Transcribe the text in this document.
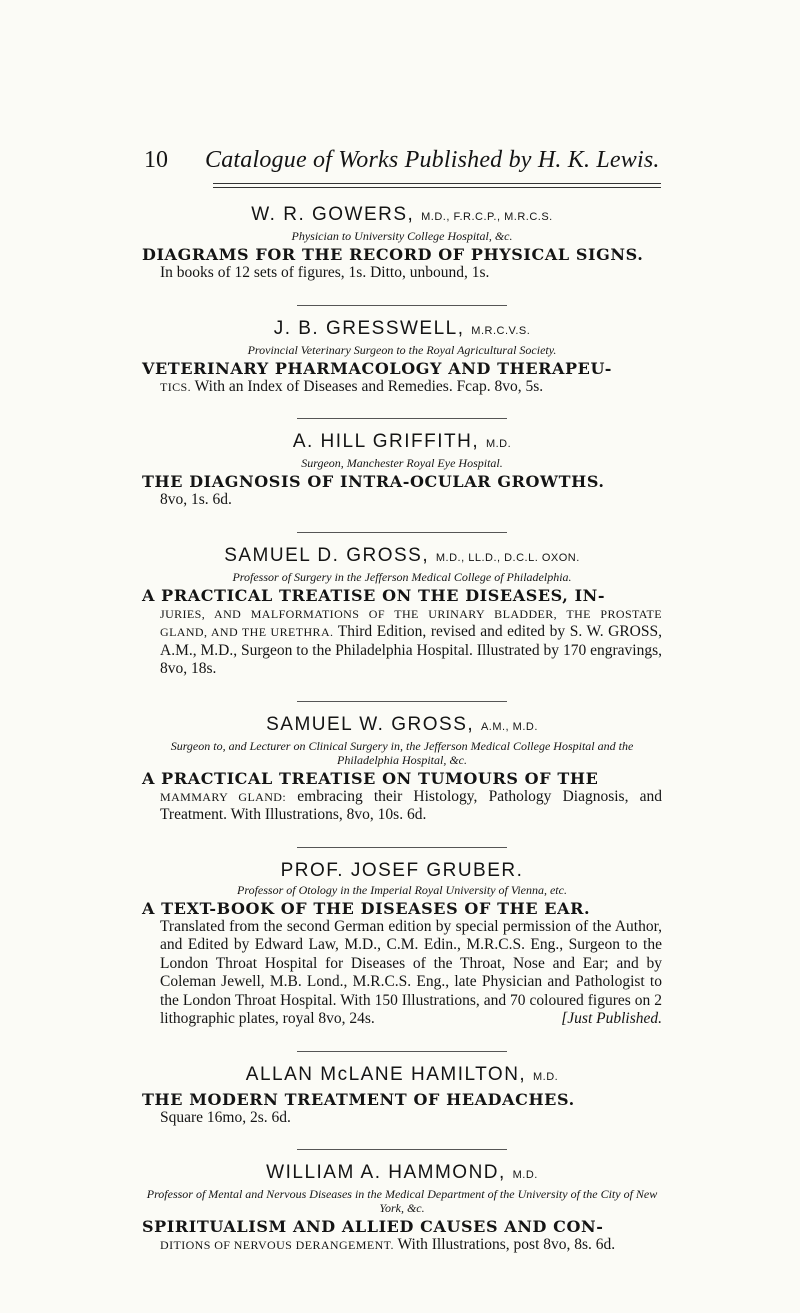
10 Catalogue of Works Published by H. K. Lewis.
W. R. GOWERS, M.D., F.R.C.P., M.R.C.S.
Physician to University College Hospital, &c.
DIAGRAMS FOR THE RECORD OF PHYSICAL SIGNS.
In books of 12 sets of figures, 1s. Ditto, unbound, 1s.
J. B. GRESSWELL, M.R.C.V.S.
Provincial Veterinary Surgeon to the Royal Agricultural Society.
VETERINARY PHARMACOLOGY AND THERAPEU-
TICS. With an Index of Diseases and Remedies. Fcap. 8vo, 5s.
A. HILL GRIFFITH, M.D.
Surgeon, Manchester Royal Eye Hospital.
THE DIAGNOSIS OF INTRA-OCULAR GROWTHS.
8vo, 1s. 6d.
SAMUEL D. GROSS, M.D., LL.D., D.C.L. OXON.
Professor of Surgery in the Jefferson Medical College of Philadelphia.
A PRACTICAL TREATISE ON THE DISEASES, IN-
JURIES, AND MALFORMATIONS OF THE URINARY BLADDER, THE PROSTATE GLAND, AND THE URETHRA. Third Edition, revised and edited by S. W. GROSS, A.M., M.D., Surgeon to the Philadelphia Hospital. Illustrated by 170 engravings, 8vo, 18s.
SAMUEL W. GROSS, A.M., M.D.
Surgeon to, and Lecturer on Clinical Surgery in, the Jefferson Medical College Hospital and the Philadelphia Hospital, &c.
A PRACTICAL TREATISE ON TUMOURS OF THE
MAMMARY GLAND: embracing their Histology, Pathology Diagnosis, and Treatment. With Illustrations, 8vo, 10s. 6d.
PROF. JOSEF GRUBER.
Professor of Otology in the Imperial Royal University of Vienna, etc.
A TEXT-BOOK OF THE DISEASES OF THE EAR.
Translated from the second German edition by special permission of the Author, and Edited by Edward Law, M.D., C.M. Edin., M.R.C.S. Eng., Surgeon to the London Throat Hospital for Diseases of the Throat, Nose and Ear; and by Coleman Jewell, M.B. Lond., M.R.C.S. Eng., late Physician and Pathologist to the London Throat Hospital. With 150 Illustrations, and 70 coloured figures on 2 lithographic plates, royal 8vo, 24s.	[Just Published.
ALLAN McLANE HAMILTON, M.D.
THE MODERN TREATMENT OF HEADACHES.
Square 16mo, 2s. 6d.
WILLIAM A. HAMMOND, M.D.
Professor of Mental and Nervous Diseases in the Medical Department of the University of the City of New York, &c.
SPIRITUALISM AND ALLIED CAUSES AND CON-
DITIONS OF NERVOUS DERANGEMENT. With Illustrations, post 8vo, 8s. 6d.
